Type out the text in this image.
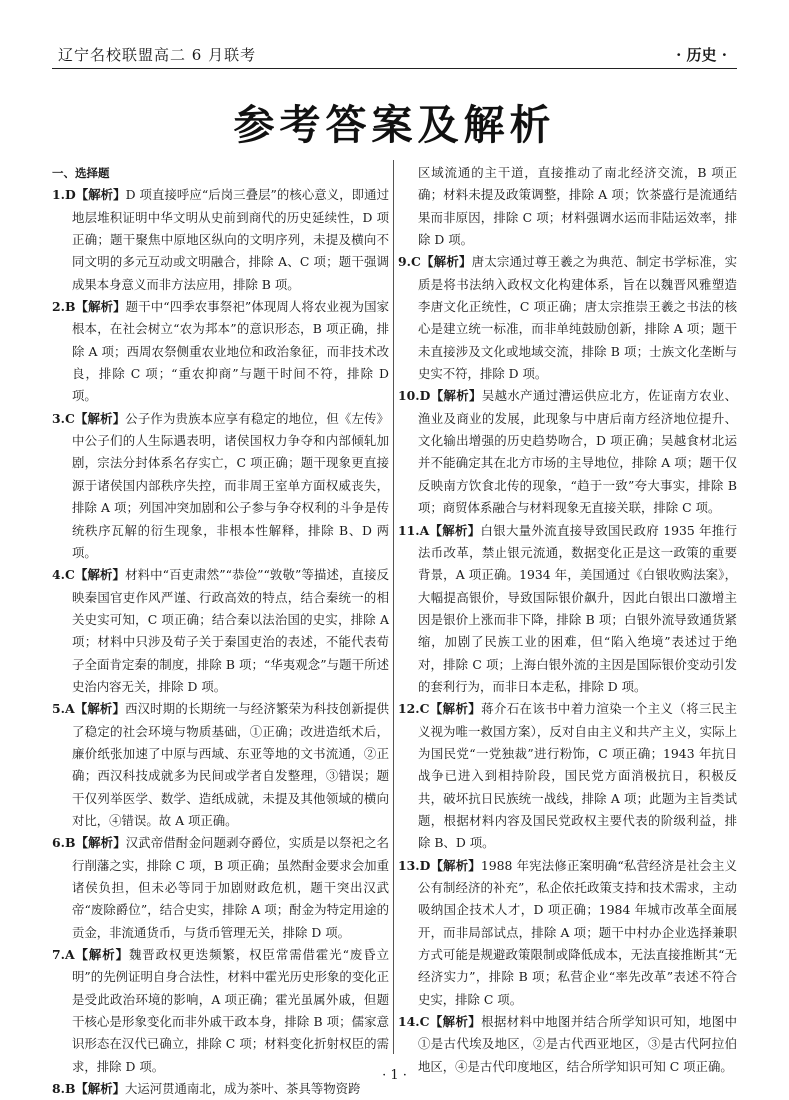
辽宁名校联盟高二 6 月联考	· 历史 ·
参考答案及解析
一、选择题
1.D【解析】D 项直接呼应“后岗三叠层”的核心意义，即通过地层堆积证明中华文明从史前到商代的历史延续性，D 项正确；题干聚焦中原地区纵向的文明序列，未提及横向不同文明的多元互动或文明融合，排除 A、C 项；题干强调成果本身意义而非方法应用，排除 B 项。
2.B【解析】题干中“四季农事祭祀”体现周人将农业视为国家根本，在社会树立“农为邦本”的意识形态，B 项正确，排除 A 项；西周农祭侧重农业地位和政治象征，而非技术改良，排除 C 项；“重农抑商”与题干时间不符，排除 D 项。
3.C【解析】公子作为贵族本应享有稳定的地位，但《左传》中公子们的人生际遇表明，诸侯国权力争夺和内部倾轧加剧，宗法分封体系名存实亡，C 项正确；题干现象更直接源于诸侯国内部秩序失控，而非周王室单方面权威丧失，排除 A 项；列国冲突加剧和公子参与争夺权利的斗争是传统秩序瓦解的衍生现象，非根本性解释，排除 B、D 两项。
4.C【解析】材料中“百吏肃然”“恭俭”“敦敬”等描述，直接反映秦国官吏作风严谨、行政高效的特点，结合秦统一的相关史实可知，C 项正确；结合秦以法治国的史实，排除 A 项；材料中只涉及荀子关于秦国吏治的表述，不能代表荀子全面肯定秦的制度，排除 B 项；“华夷观念”与题干所述史治内容无关，排除 D 项。
5.A【解析】西汉时期的长期统一与经济繁荣为科技创新提供了稳定的社会环境与物质基础，①正确；改进造纸术后，廉价纸张加速了中原与西域、东亚等地的文书流通，②正确；西汉科技成就多为民间或学者自发整理，③错误；题干仅列举医学、数学、造纸成就，未提及其他领域的横向对比，④错误。故 A 项正确。
6.B【解析】汉武帝借酎金问题剥夺爵位，实质是以祭祀之名行削藩之实，排除 C 项，B 项正确；虽然酎金要求会加重诸侯负担，但未必等同于加剧财政危机，题干突出汉武帝“废除爵位”，结合史实，排除 A 项；酎金为特定用途的贡金，非流通货币，与货币管理无关，排除 D 项。
7.A【解析】魏晋政权更迭频繁，权臣常需借霍光“废昏立明”的先例证明自身合法性，材料中霍光历史形象的变化正是受此政治环境的影响，A 项正确；霍光虽属外戚，但题干核心是形象变化而非外戚干政本身，排除 B 项；儒家意识形态在汉代已确立，排除 C 项；材料变化折射权臣的需求，排除 D 项。
8.B【解析】大运河贯通南北，成为茶叶、茶具等物资跨
区域流通的主干道，直接推动了南北经济交流，B 项正确；材料未提及政策调整，排除 A 项；饮茶盛行是流通结果而非原因，排除 C 项；材料强调水运而非陆运效率，排除 D 项。
9.C【解析】唐太宗通过尊王羲之为典范、制定书学标准，实质是将书法纳入政权文化构建体系，旨在以魏晋风雅塑造李唐文化正统性，C 项正确；唐太宗推崇王羲之书法的核心是建立统一标准，而非单纯鼓励创新，排除 A 项；题干未直接涉及文化或地域交流，排除 B 项；士族文化垄断与史实不符，排除 D 项。
10.D【解析】吴越水产通过漕运供应北方，佐证南方农业、渔业及商业的发展，此现象与中唐后南方经济地位提升、文化输出增强的历史趋势吻合，D 项正确；吴越食材北运并不能确定其在北方市场的主导地位，排除 A 项；题干仅反映南方饮食北传的现象，“趋于一致”夸大事实，排除 B 项；商贸体系融合与材料现象无直接关联，排除 C 项。
11.A【解析】白银大量外流直接导致国民政府 1935 年推行法币改革，禁止银元流通，数据变化正是这一政策的重要背景，A 项正确。1934 年，美国通过《白银收购法案》，大幅提高银价，导致国际银价飙升，因此白银出口激增主因是银价上涨而非下降，排除 B 项；白银外流导致通货紧缩，加剧了民族工业的困难，但“陷入绝境”表述过于绝对，排除 C 项；上海白银外流的主因是国际银价变动引发的套利行为，而非日本走私，排除 D 项。
12.C【解析】蒋介石在该书中着力渲染一个主义（将三民主义视为唯一救国方案），反对自由主义和共产主义，实际上为国民党“一党独裁”进行粉饰，C 项正确；1943 年抗日战争已进入到相持阶段，国民党方面消极抗日，积极反共，破坏抗日民族统一战线，排除 A 项；此题为主旨类试题，根据材料内容及国民党政权主要代表的阶级利益，排除 B、D 项。
13.D【解析】1988 年宪法修正案明确“私营经济是社会主义公有制经济的补充”，私企依托政策支持和技术需求，主动吸纳国企技术人才，D 项正确；1984 年城市改革全面展开，而非局部试点，排除 A 项；题干中村办企业选择兼职方式可能是规避政策限制或降低成本，无法直接推断其“无经济实力”，排除 B 项；私营企业“率先改革”表述不符合史实，排除 C 项。
14.C【解析】根据材料中地图并结合所学知识可知，地图中①是古代埃及地区，②是古代西亚地区，③是古代阿拉伯地区，④是古代印度地区，结合所学知识可知 C 项正确。
· 1 ·
